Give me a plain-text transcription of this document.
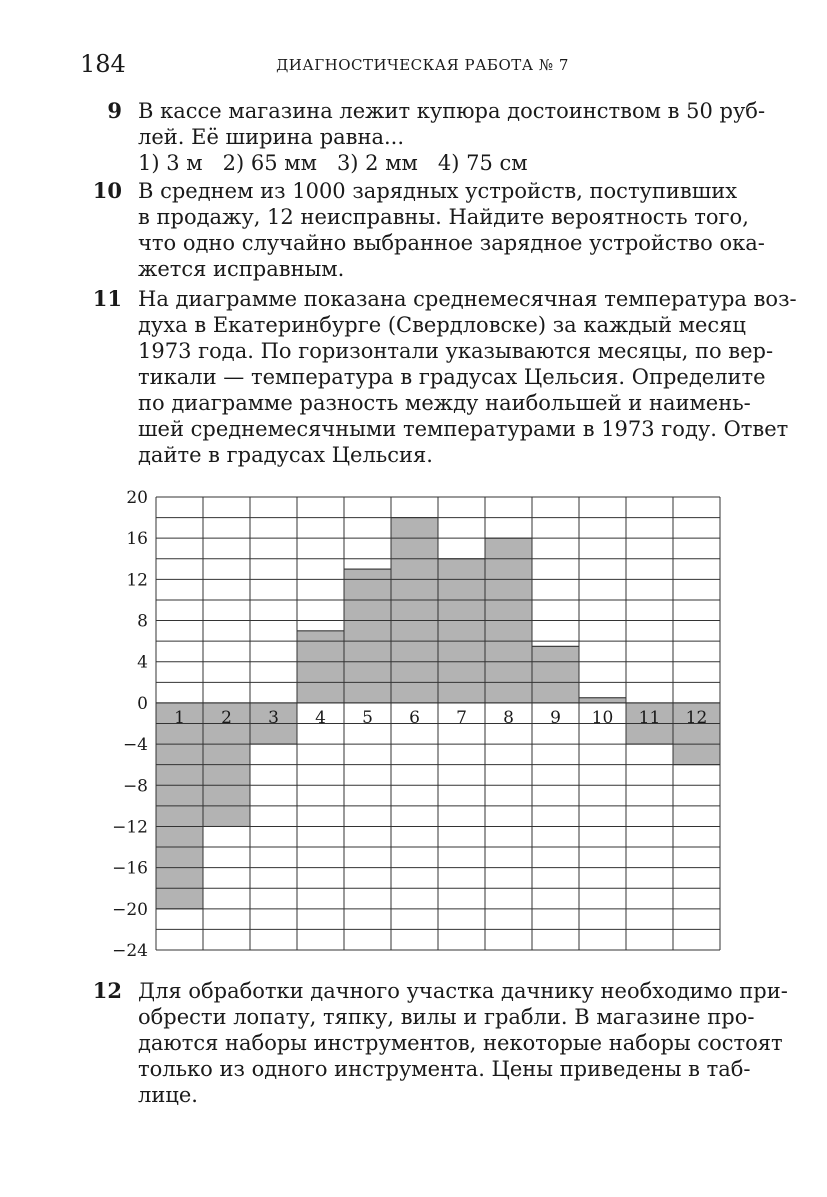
184	ДИАГНОСТИЧЕСКАЯ РАБОТА № 7
9 В кассе магазина лежит купюра достоинством в 50 руб-
лей. Её ширина равна...
1) 3 м   2) 65 мм   3) 2 мм   4) 75 см
10 В среднем из 1000 зарядных устройств, поступивших
в продажу, 12 неисправны. Найдите вероятность того,
что одно случайно выбранное зарядное устройство ока-
жется исправным.
11 На диаграмме показана среднемесячная температура воз-
духа в Екатеринбурге (Свердловске) за каждый месяц
1973 года. По горизонтали указываются месяцы, по вер-
тикали — температура в градусах Цельсия. Определите
по диаграмме разность между наибольшей и наимень-
шей среднемесячными температурами в 1973 году. Ответ
дайте в градусах Цельсия.
20
16
12
8
4
0
−4
−8
−12
−16
−20
−24
1 2 3 4 5 6 7 8 9 10 11 12
12 Для обработки дачного участка дачнику необходимо при-
обрести лопату, тяпку, вилы и грабли. В магазине про-
даются наборы инструментов, некоторые наборы состоят
только из одного инструмента. Цены приведены в таб-
лице.
